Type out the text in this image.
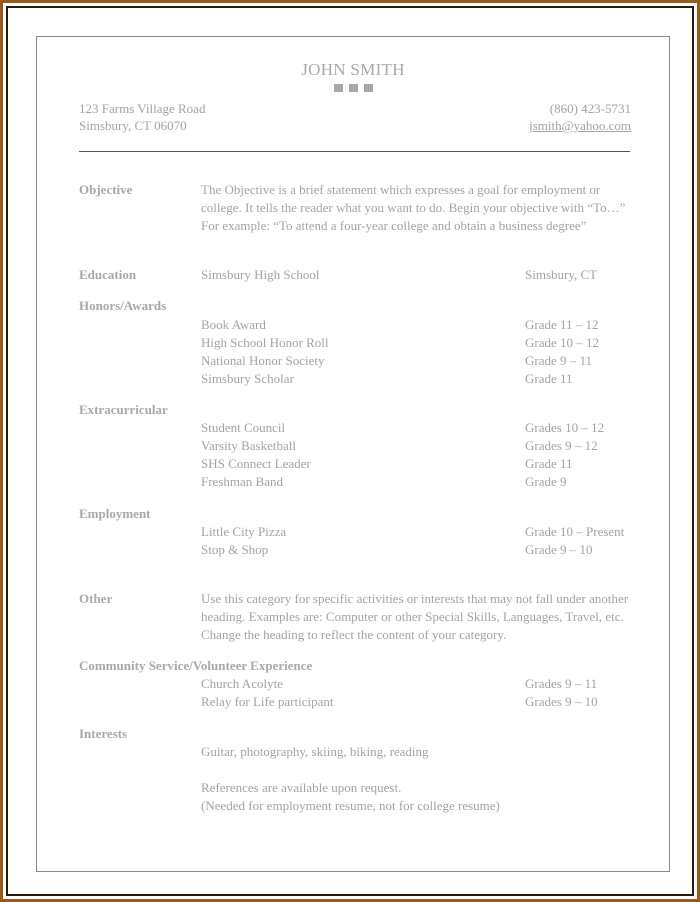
JOHN SMITH
123 Farms Village Road
Simsbury, CT 06070
(860) 423-5731
jsmith@yahoo.com
Objective	The Objective is a brief statement which expresses a goal for employment or college. It tells the reader what you want to do. Begin your objective with “To…” For example: “To attend a four-year college and obtain a business degree”
Education	Simsbury High School	Simsbury, CT
Honors/Awards
Book Award	Grade 11 – 12
High School Honor Roll	Grade 10 – 12
National Honor Society	Grade 9 – 11
Simsbury Scholar	Grade 11
Extracurricular
Student Council	Grades 10 – 12
Varsity Basketball	Grades 9 – 12
SHS Connect Leader	Grade 11
Freshman Band	Grade 9
Employment
Little City Pizza	Grade 10 – Present
Stop & Shop	Grade 9 – 10
Other	Use this category for specific activities or interests that may not fall under another heading. Examples are: Computer or other Special Skills, Languages, Travel, etc. Change the heading to reflect the content of your category.
Community Service/Volunteer Experience
Church Acolyte	Grades 9 – 11
Relay for Life participant	Grades 9 – 10
Interests
Guitar, photography, skiing, biking, reading
References are available upon request.
(Needed for employment resume, not for college resume)
